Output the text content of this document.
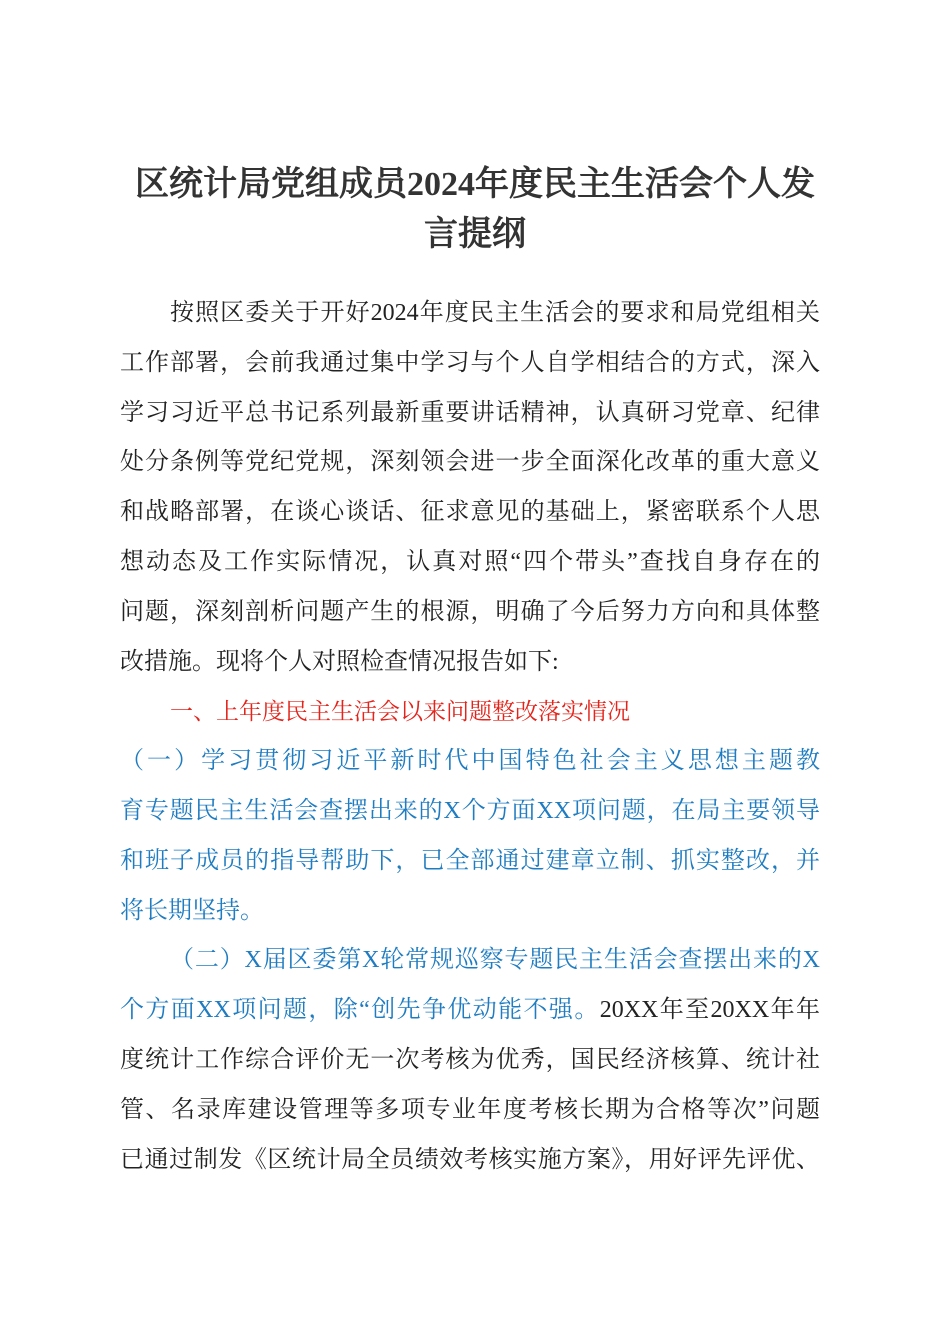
区统计局党组成员2024年度民主生活会个人发
言提纲
按照区委关于开好2024年度民主生活会的要求和局党组相关
工作部署，会前我通过集中学习与个人自学相结合的方式，深入
学习习近平总书记系列最新重要讲话精神，认真研习党章、纪律
处分条例等党纪党规，深刻领会进一步全面深化改革的重大意义
和战略部署，在谈心谈话、征求意见的基础上，紧密联系个人思
想动态及工作实际情况，认真对照“四个带头”查找自身存在的
问题，深刻剖析问题产生的根源，明确了今后努力方向和具体整
改措施。现将个人对照检查情况报告如下:
一、上年度民主生活会以来问题整改落实情况
（一）学习贯彻习近平新时代中国特色社会主义思想主题教
育专题民主生活会查摆出来的X个方面XX项问题，在局主要领导
和班子成员的指导帮助下，已全部通过建章立制、抓实整改，并
将长期坚持。
（二）X届区委第X轮常规巡察专题民主生活会查摆出来的X
个方面XX项问题，除“创先争优动能不强。20XX年至20XX年年
度统计工作综合评价无一次考核为优秀，国民经济核算、统计社
管、名录库建设管理等多项专业年度考核长期为合格等次”问题
已通过制发《区统计局全员绩效考核实施方案》，用好评先评优、
